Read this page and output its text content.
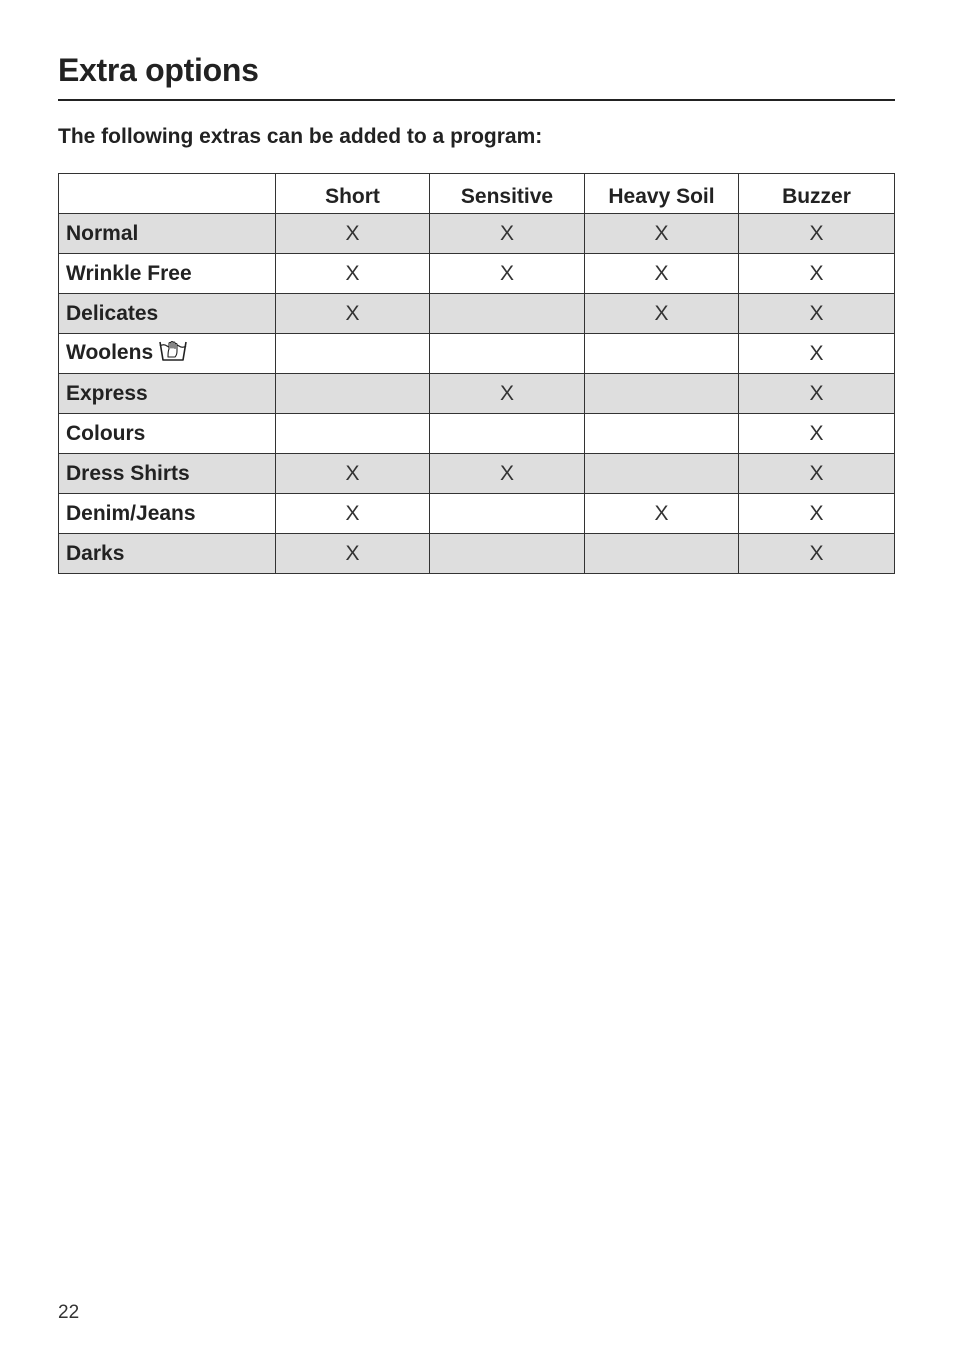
Extra options

The following extras can be added to a program:

	Short	Sensitive	Heavy Soil	Buzzer
Normal	X	X	X	X
Wrinkle Free	X	X	X	X
Delicates	X		X	X
Woolens				X
Express		X		X
Colours				X
Dress Shirts	X	X		X
Denim/Jeans	X		X	X
Darks	X			X
22
